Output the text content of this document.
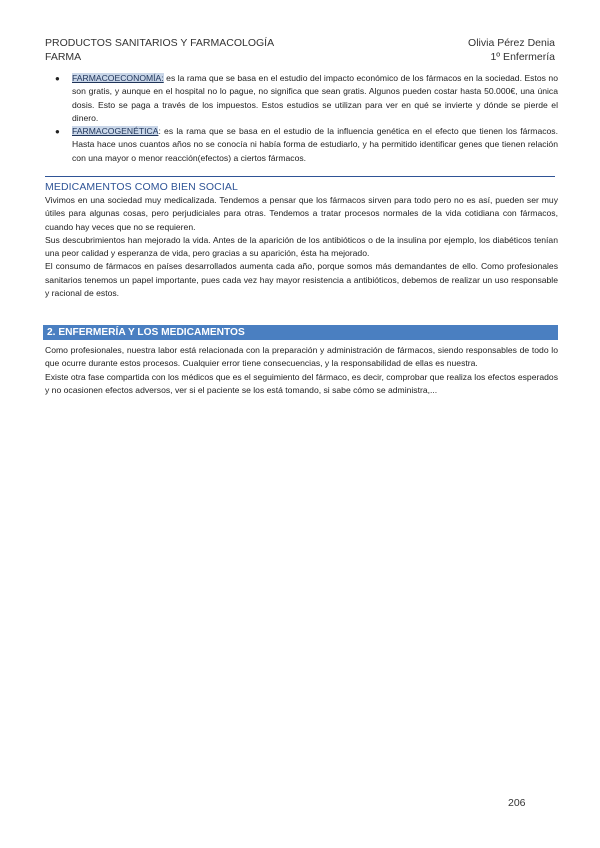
PRODUCTOS SANITARIOS Y FARMACOLOGÍA	Olivia Pérez Denia
FARMA	1º Enfermería
● FARMACOECONOMÍA: es la rama que se basa en el estudio del impacto económico de los fármacos en la sociedad. Estos no son gratis, y aunque en el hospital no lo pague, no significa que sean gratis. Algunos pueden costar hasta 50.000€, una única dosis. Esto se paga a través de los impuestos. Estos estudios se utilizan para ver en qué se invierte y dónde se pierde el dinero.
● FARMACOGENÉTICA: es la rama que se basa en el estudio de la influencia genética en el efecto que tienen los fármacos. Hasta hace unos cuantos años no se conocía ni había forma de estudiarlo, y ha permitido identificar genes que tienen relación con una mayor o menor reacción(efectos) a ciertos fármacos.
MEDICAMENTOS COMO BIEN SOCIAL

Vivimos en una sociedad muy medicalizada. Tendemos a pensar que los fármacos sirven para todo pero no es así, pueden ser muy útiles para algunas cosas, pero perjudiciales para otras. Tendemos a tratar procesos normales de la vida cotidiana con fármacos, cuando hay veces que no se requieren.

Sus descubrimientos han mejorado la vida. Antes de la aparición de los antibióticos o de la insulina por ejemplo, los diabéticos tenían una peor calidad y esperanza de vida, pero gracias a su aparición, ésta ha mejorado.

El consumo de fármacos en países desarrollados aumenta cada año, porque somos más demandantes de ello. Como profesionales sanitarios tenemos un papel importante, pues cada vez hay mayor resistencia a antibióticos, debemos de realizar un uso responsable y racional de estos.

2. ENFERMERÍA Y LOS MEDICAMENTOS

Como profesionales, nuestra labor está relacionada con la preparación y administración de fármacos, siendo responsables de todo lo que ocurre durante estos procesos. Cualquier error tiene consecuencias, y la responsabilidad de ellas es nuestra.

Existe otra fase compartida con los médicos que es el seguimiento del fármaco, es decir, comprobar que realiza los efectos esperados y no ocasionen efectos adversos, ver si el paciente se los está tomando, si sabe cómo se administra,...

206
